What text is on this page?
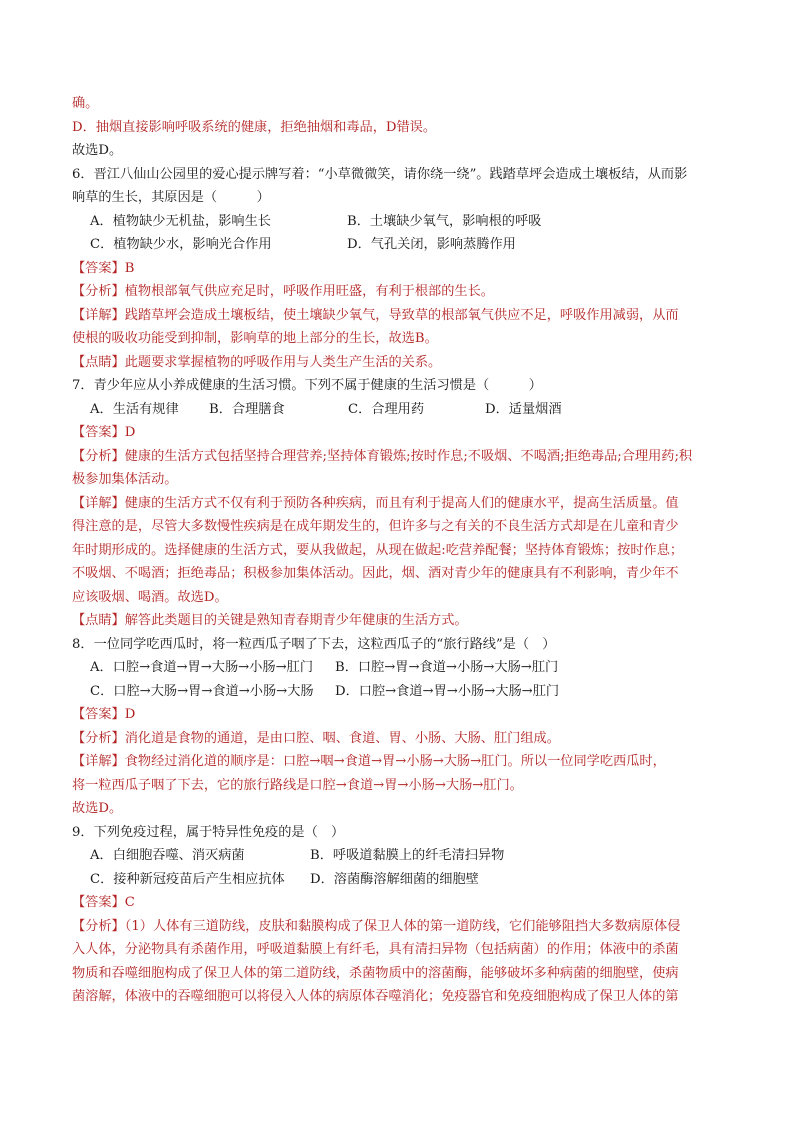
确。
D．抽烟直接影响呼吸系统的健康，拒绝抽烟和毒品，D错误。
故选D。
6．晋江八仙山公园里的爱心提示牌写着：“小草微微笑，请你绕一绕”。践踏草坪会造成土壤板结，从而影
响草的生长，其原因是（　　　）
A．植物缺少无机盐，影响生长	B．土壤缺少氧气，影响根的呼吸
C．植物缺少水，影响光合作用	D．气孔关闭，影响蒸腾作用
【答案】B
【分析】植物根部氧气供应充足时，呼吸作用旺盛，有利于根部的生长。
【详解】践踏草坪会造成土壤板结，使土壤缺少氧气，导致草的根部氧气供应不足，呼吸作用减弱，从而
使根的吸收功能受到抑制，影响草的地上部分的生长，故选B。
【点睛】此题要求掌握植物的呼吸作用与人类生产生活的关系。
7．青少年应从小养成健康的生活习惯。下列不属于健康的生活习惯是（　　　）
A．生活有规律 B．合理膳食	C．合理用药	D．适量烟酒
【答案】D
【分析】健康的生活方式包括坚持合理营养;坚持体育锻炼;按时作息;不吸烟、不喝酒;拒绝毒品;合理用药;积
极参加集体活动。
【详解】健康的生活方式不仅有利于预防各种疾病，而且有利于提高人们的健康水平，提高生活质量。值
得注意的是，尽管大多数慢性疾病是在成年期发生的，但许多与之有关的不良生活方式却是在儿童和青少
年时期形成的。选择健康的生活方式，要从我做起，从现在做起:吃营养配餐；坚持体育锻炼；按时作息；
不吸烟、不喝酒；拒绝毒品；积极参加集体活动。因此，烟、酒对青少年的健康具有不利影响，青少年不
应该吸烟、喝酒。故选D。
【点睛】解答此类题目的关键是熟知青春期青少年健康的生活方式。
8．一位同学吃西瓜时，将一粒西瓜子咽了下去，这粒西瓜子的“旅行路线”是（　）
A．口腔→食道→胃→大肠→小肠→肛门 B．口腔→胃→食道→小肠→大肠→肛门
C．口腔→大肠→胃→食道→小肠→大肠 D．口腔→食道→胃→小肠→大肠→肛门
【答案】D
【分析】消化道是食物的通道，是由口腔、咽、食道、胃、小肠、大肠、肛门组成。
【详解】食物经过消化道的顺序是：口腔→咽→食道→胃→小肠→大肠→肛门。所以一位同学吃西瓜时，
将一粒西瓜子咽了下去，它的旅行路线是口腔→食道→胃→小肠→大肠→肛门。
故选D。
9．下列免疫过程，属于特异性免疫的是（　）
A．白细胞吞噬、消灭病菌	B．呼吸道黏膜上的纤毛清扫异物
C．接种新冠疫苗后产生相应抗体 D．溶菌酶溶解细菌的细胞壁
【答案】C
【分析】（1）人体有三道防线，皮肤和黏膜构成了保卫人体的第一道防线，它们能够阻挡大多数病原体侵
入人体，分泌物具有杀菌作用，呼吸道黏膜上有纤毛，具有清扫异物（包括病菌）的作用；体液中的杀菌
物质和吞噬细胞构成了保卫人体的第二道防线，杀菌物质中的溶菌酶，能够破坏多种病菌的细胞壁，使病
菌溶解，体液中的吞噬细胞可以将侵入人体的病原体吞噬消化；免疫器官和免疫细胞构成了保卫人体的第
